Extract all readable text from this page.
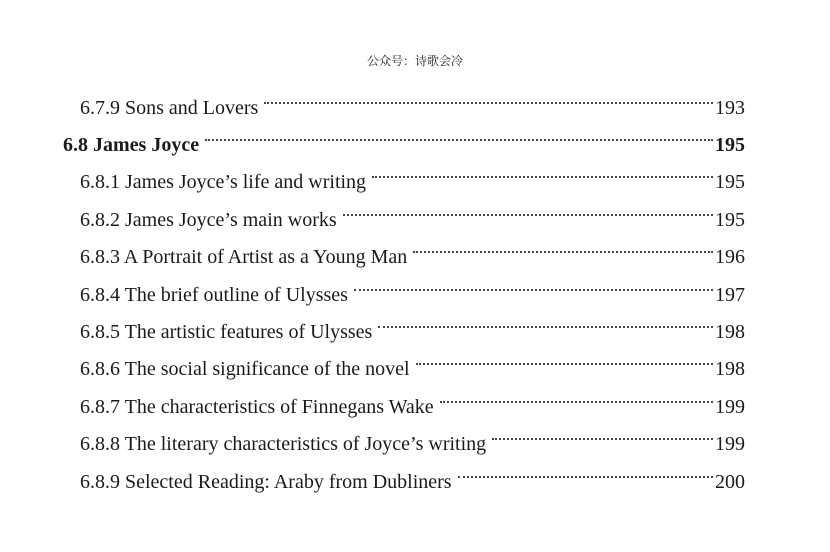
公众号：诗歌会冷
6.7.9 Sons and Lovers	193
6.8 James Joyce	195
6.8.1 James Joyce’s life and writing	195
6.8.2 James Joyce’s main works	195
6.8.3 A Portrait of Artist as a Young Man	196
6.8.4 The brief outline of Ulysses	197
6.8.5 The artistic features of Ulysses	198
6.8.6 The social significance of the novel	198
6.8.7 The characteristics of Finnegans Wake	199
6.8.8 The literary characteristics of Joyce’s writing	199
6.8.9 Selected Reading: Araby from Dubliners	200
